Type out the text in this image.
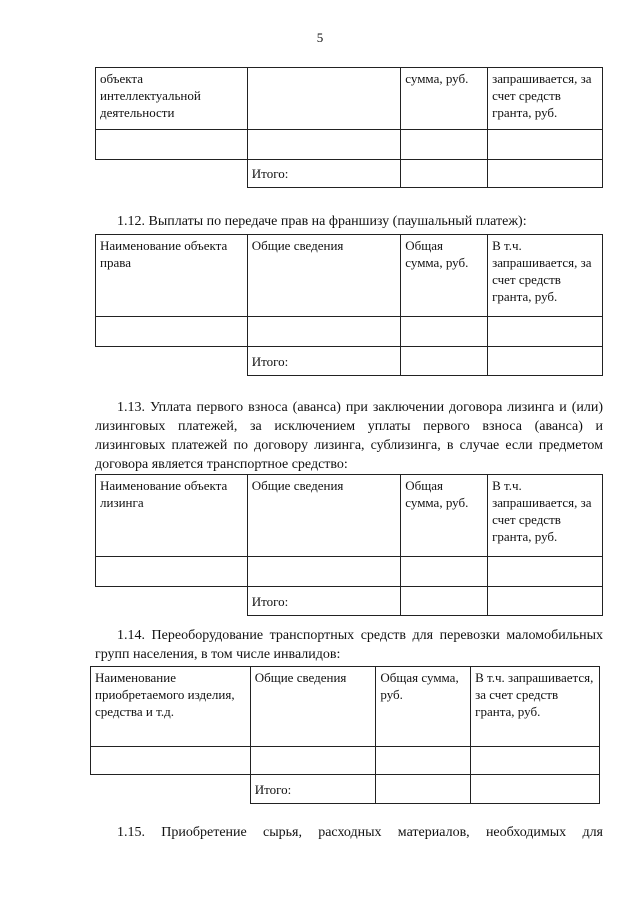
5
объекта интеллектуальной деятельности		сумма, руб.	запрашивается, за счет средств гранта, руб.

	Итого:		
1.12. Выплаты по передаче прав на франшизу (паушальный платеж):
Наименование объекта права	Общие сведения	Общая сумма, руб.	В т.ч. запрашивается, за счет средств гранта, руб.

	Итого:		
1.13. Уплата первого взноса (аванса) при заключении договора лизинга и (или) лизинговых платежей, за исключением уплаты первого взноса (аванса) и лизинговых платежей по договору лизинга, сублизинга, в случае если предметом договора является транспортное средство:
Наименование объекта лизинга	Общие сведения	Общая сумма, руб.	В т.ч. запрашивается, за счет средств гранта, руб.

	Итого:		
1.14. Переоборудование транспортных средств для перевозки маломобильных групп населения, в том числе инвалидов:
Наименование приобретаемого изделия, средства и т.д.	Общие сведения	Общая сумма, руб.	В т.ч. запрашивается, за счет средств гранта, руб.

	Итого:		
1.15. Приобретение сырья, расходных материалов, необходимых для
